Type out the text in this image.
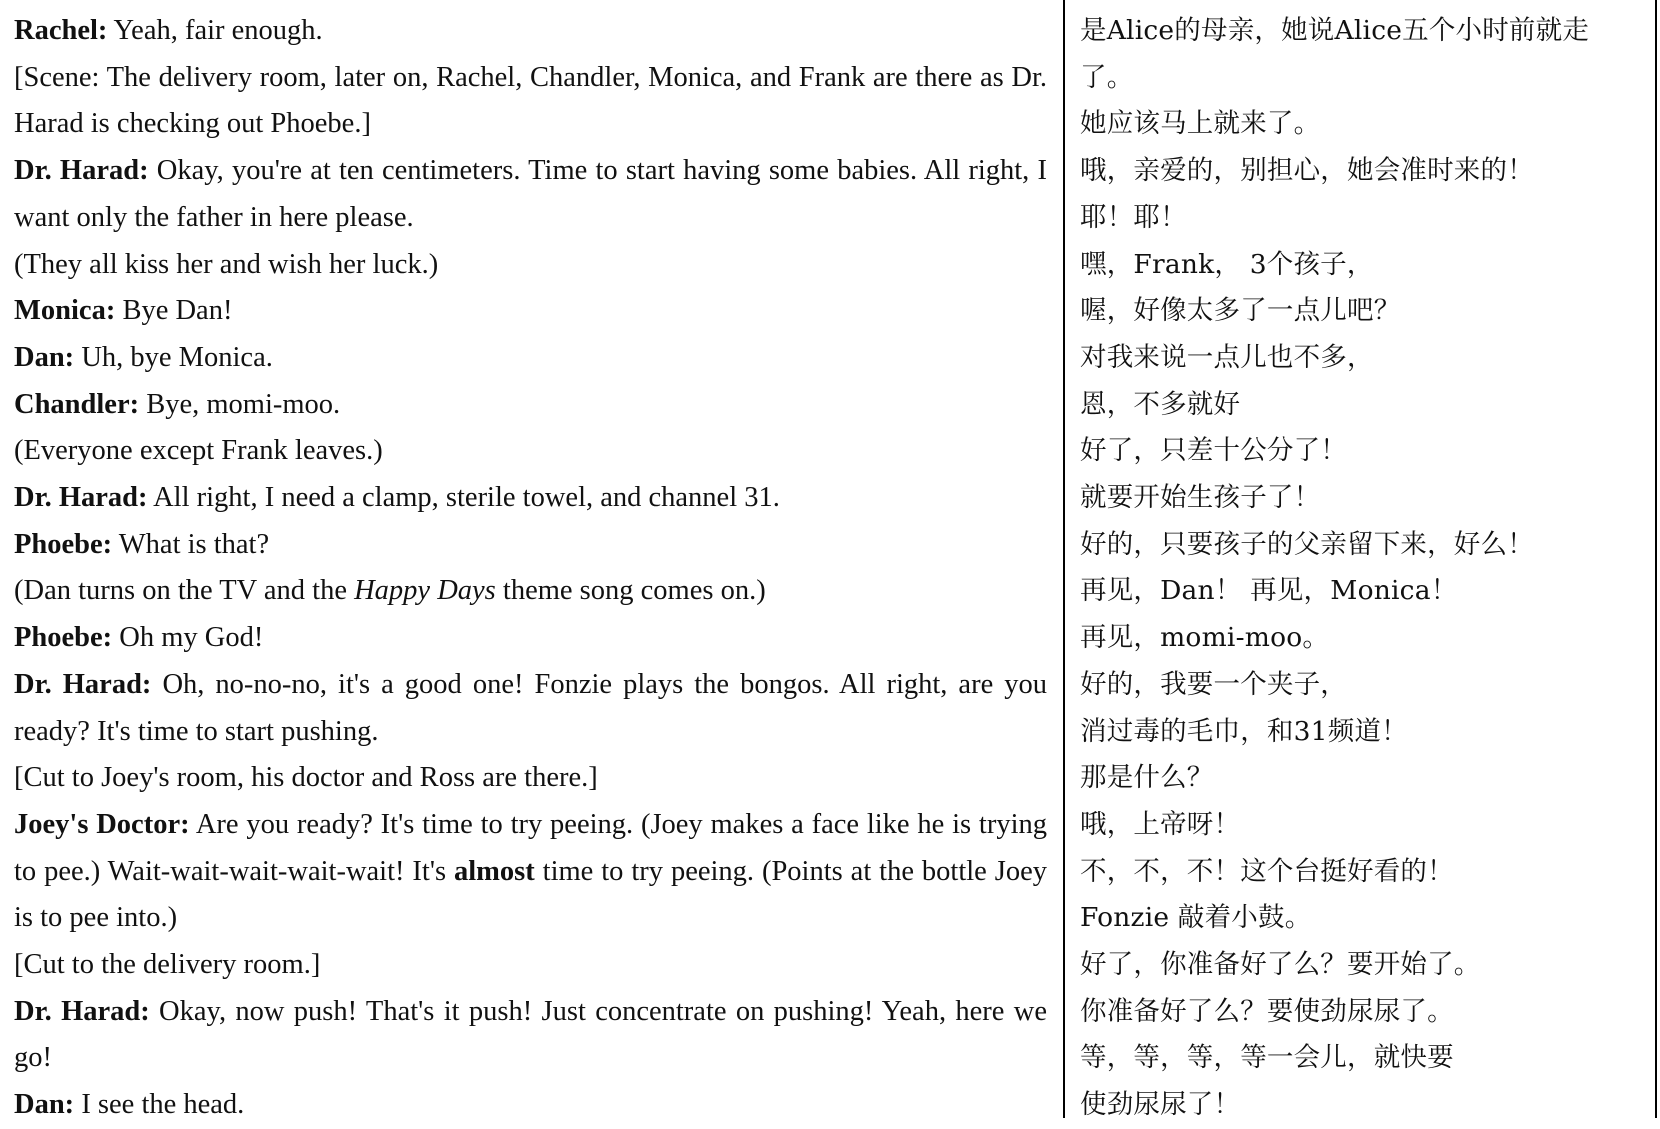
Rachel: Yeah, fair enough.

[Scene: The delivery room, later on, Rachel, Chandler, Monica, and Frank are there as Dr. Harad is checking out Phoebe.]

Dr. Harad: Okay, you're at ten centimeters. Time to start having some babies. All right, I want only the father in here please.

(They all kiss her and wish her luck.)

Monica: Bye Dan!

Dan: Uh, bye Monica.

Chandler: Bye, momi-moo.

(Everyone except Frank leaves.)

Dr. Harad: All right, I need a clamp, sterile towel, and channel 31.

Phoebe: What is that?

(Dan turns on the TV and the Happy Days theme song comes on.)

Phoebe: Oh my God!

Dr. Harad: Oh, no-no-no, it's a good one! Fonzie plays the bongos. All right, are you ready? It's time to start pushing.

[Cut to Joey's room, his doctor and Ross are there.]

Joey's Doctor: Are you ready? It's time to try peeing. (Joey makes a face like he is trying to pee.) Wait-wait-wait-wait-wait! It's almost time to try peeing. (Points at the bottle Joey is to pee into.)

[Cut to the delivery room.]

Dr. Harad: Okay, now push! That's it push! Just concentrate on pushing! Yeah, here we go!

Dan: I see the head.

是Alice的母亲，她说Alice五个小时前就走

了。

她应该马上就来了。

哦，亲爱的，别担心，她会准时来的！

耶！耶！

嘿，Frank， 3个孩子，

喔，好像太多了一点儿吧？

对我来说一点儿也不多，

恩，不多就好

好了，只差十公分了！

就要开始生孩子了！

好的，只要孩子的父亲留下来，好么！

再见，Dan！ 再见，Monica！

再见，momi-moo。

好的，我要一个夹子，

消过毒的毛巾，和31频道！

那是什么？

哦，上帝呀！

不，不，不！这个台挺好看的！

Fonzie 敲着小鼓。

好了，你准备好了么？要开始了。

你准备好了么？要使劲尿尿了。

等，等，等，等一会儿，就快要

使劲尿尿了！
